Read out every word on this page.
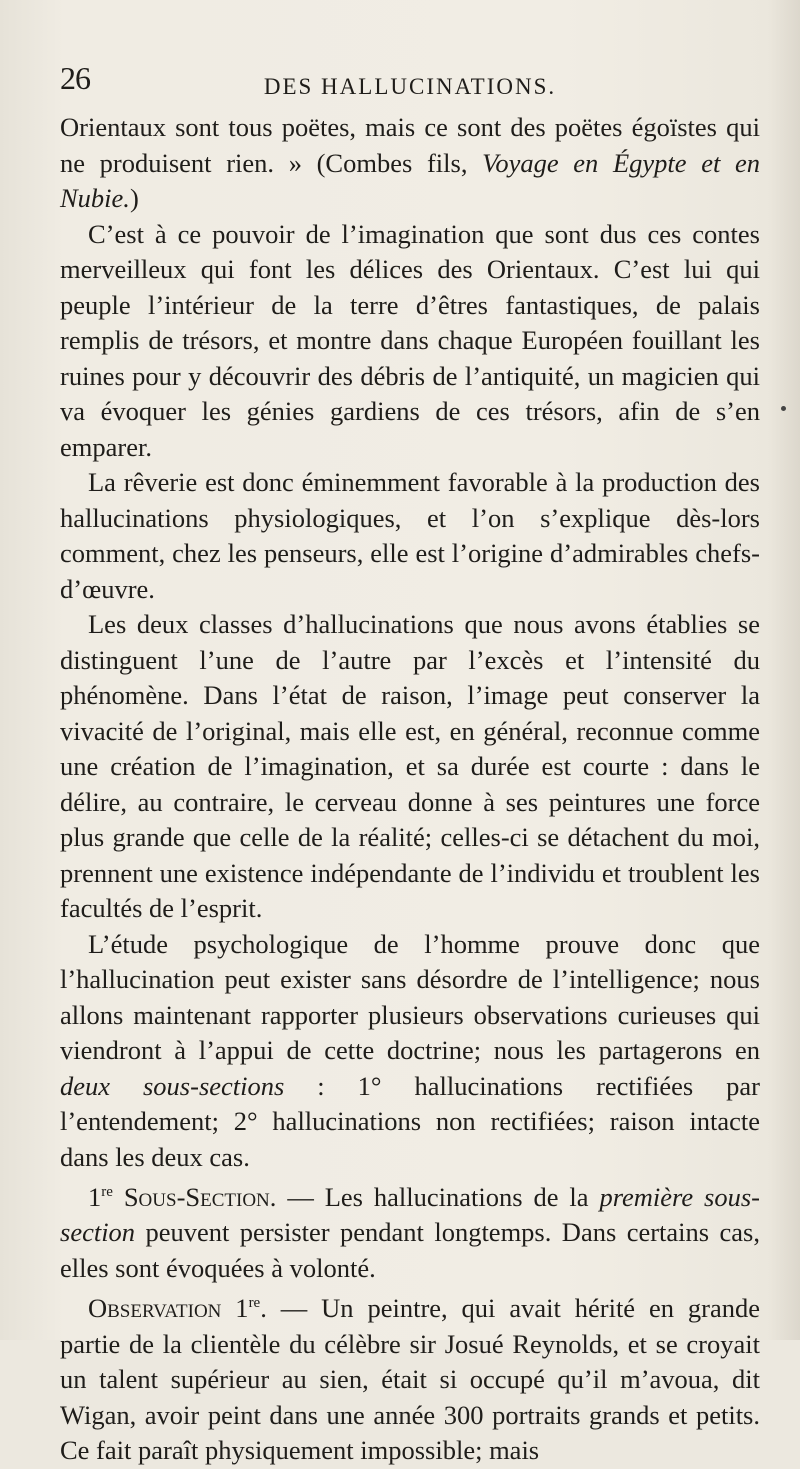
26	DES HALLUCINATIONS.

Orientaux sont tous poëtes, mais ce sont des poëtes égoïstes qui ne produisent rien. » (Combes fils, Voyage en Égypte et en Nubie.)

C’est à ce pouvoir de l’imagination que sont dus ces contes merveilleux qui font les délices des Orientaux. C’est lui qui peuple l’intérieur de la terre d’êtres fantastiques, de palais remplis de trésors, et montre dans chaque Européen fouillant les ruines pour y découvrir des débris de l’antiquité, un magicien qui va évoquer les génies gardiens de ces trésors, afin de s’en emparer.

La rêverie est donc éminemment favorable à la production des hallucinations physiologiques, et l’on s’explique dès-lors comment, chez les penseurs, elle est l’origine d’admirables chefs-d’œuvre.

Les deux classes d’hallucinations que nous avons établies se distinguent l’une de l’autre par l’excès et l’intensité du phénomène. Dans l’état de raison, l’image peut conserver la vivacité de l’original, mais elle est, en général, reconnue comme une création de l’imagination, et sa durée est courte : dans le délire, au contraire, le cerveau donne à ses peintures une force plus grande que celle de la réalité; celles-ci se détachent du moi, prennent une existence indépendante de l’individu et troublent les facultés de l’esprit.

L’étude psychologique de l’homme prouve donc que l’hallucination peut exister sans désordre de l’intelligence; nous allons maintenant rapporter plusieurs observations curieuses qui viendront à l’appui de cette doctrine; nous les partagerons en deux sous-sections : 1° hallucinations rectifiées par l’entendement; 2° hallucinations non rectifiées; raison intacte dans les deux cas.

1re Sous-Section. — Les hallucinations de la première sous-section peuvent persister pendant longtemps. Dans certains cas, elles sont évoquées à volonté.

Observation 1re. — Un peintre, qui avait hérité en grande partie de la clientèle du célèbre sir Josué Reynolds, et se croyait un talent supérieur au sien, était si occupé qu’il m’avoua, dit Wigan, avoir peint dans une année 300 portraits grands et petits. Ce fait paraît physiquement impossible; mais
